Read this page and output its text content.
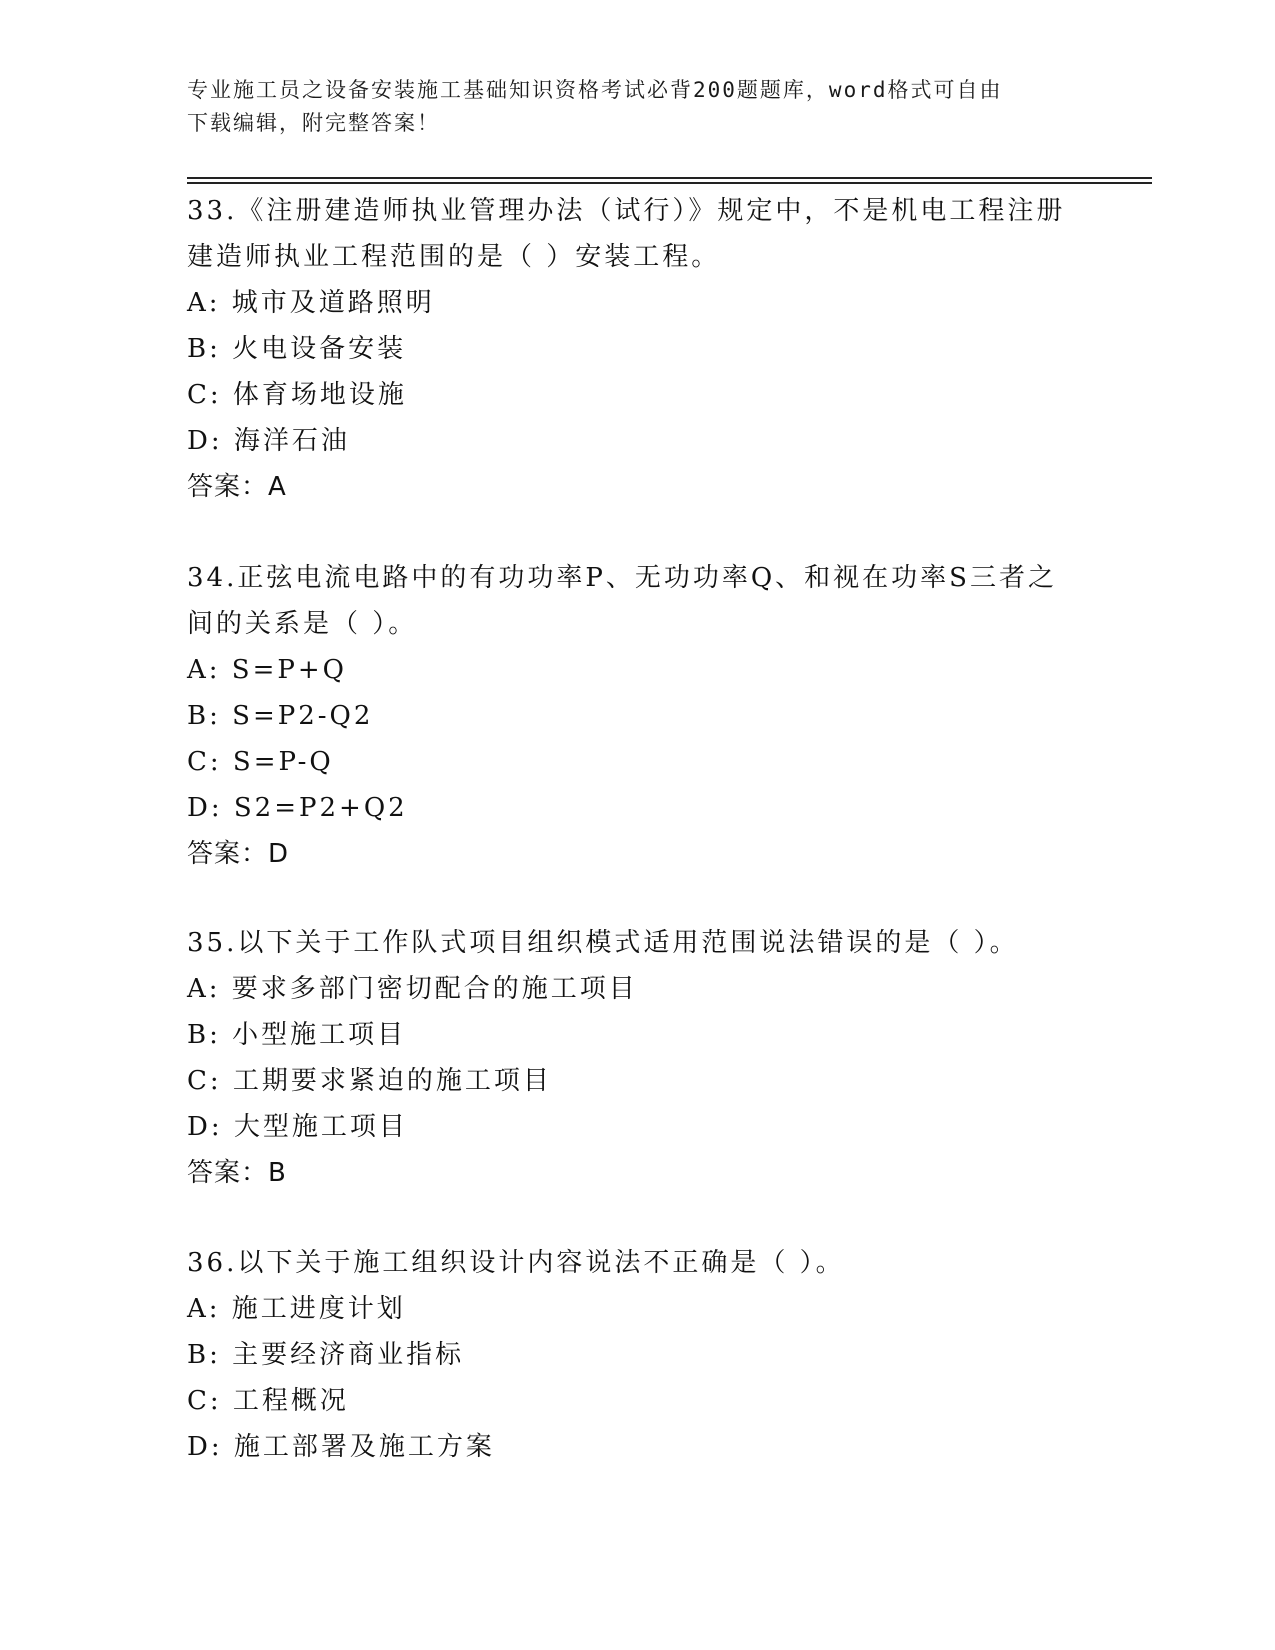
专业施工员之设备安装施工基础知识资格考试必背200题题库，word格式可自由
下载编辑，附完整答案！

33.《注册建造师执业管理办法（试行）》规定中，不是机电工程注册

建造师执业工程范围的是（ ）安装工程。

A: 城市及道路照明

B: 火电设备安装

C: 体育场地设施

D: 海洋石油

答案：A

34.正弦电流电路中的有功功率P、无功功率Q、和视在功率S三者之

间的关系是（ ）。

A: S=P+Q

B: S=P2-Q2

C: S=P-Q

D: S2=P2+Q2

答案：D

35.以下关于工作队式项目组织模式适用范围说法错误的是（ ）。

A: 要求多部门密切配合的施工项目

B: 小型施工项目

C: 工期要求紧迫的施工项目

D: 大型施工项目

答案：B

36.以下关于施工组织设计内容说法不正确是（ ）。

A: 施工进度计划

B: 主要经济商业指标

C: 工程概况

D: 施工部署及施工方案
